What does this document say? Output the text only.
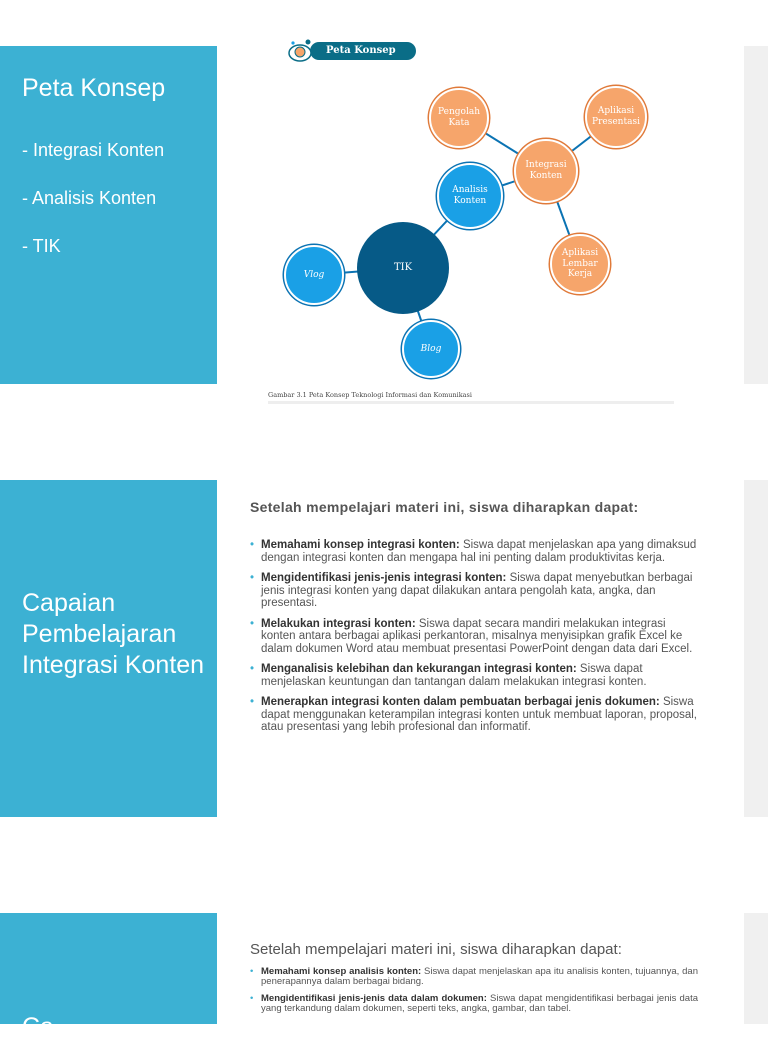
Peta Konsep
- Integrasi Konten
- Analisis Konten
- TIK
Peta Konsep
Pengolah Kata
Aplikasi Presentasi
Integrasi Konten
Analisis Konten
TIK
Vlog
Aplikasi Lembar Kerja
Blog
Gambar 3.1 Peta Konsep Teknologi Informasi dan Komunikasi
Capaian Pembelajaran Integrasi Konten
Setelah mempelajari materi ini, siswa diharapkan dapat:
• Memahami konsep integrasi konten: Siswa dapat menjelaskan apa yang dimaksud dengan integrasi konten dan mengapa hal ini penting dalam produktivitas kerja.
• Mengidentifikasi jenis-jenis integrasi konten: Siswa dapat menyebutkan berbagai jenis integrasi konten yang dapat dilakukan antara pengolah kata, angka, dan presentasi.
• Melakukan integrasi konten: Siswa dapat secara mandiri melakukan integrasi konten antara berbagai aplikasi perkantoran, misalnya menyisipkan grafik Excel ke dalam dokumen Word atau membuat presentasi PowerPoint dengan data dari Excel.
• Menganalisis kelebihan dan kekurangan integrasi konten: Siswa dapat menjelaskan keuntungan dan tantangan dalam melakukan integrasi konten.
• Menerapkan integrasi konten dalam pembuatan berbagai jenis dokumen: Siswa dapat menggunakan keterampilan integrasi konten untuk membuat laporan, proposal, atau presentasi yang lebih profesional dan informatif.
Ca
Setelah mempelajari materi ini, siswa diharapkan dapat:
• Memahami konsep analisis konten: Siswa dapat menjelaskan apa itu analisis konten, tujuannya, dan penerapannya dalam berbagai bidang.
• Mengidentifikasi jenis-jenis data dalam dokumen: Siswa dapat mengidentifikasi berbagai jenis data yang terkandung dalam dokumen, seperti teks, angka, gambar, dan tabel.
